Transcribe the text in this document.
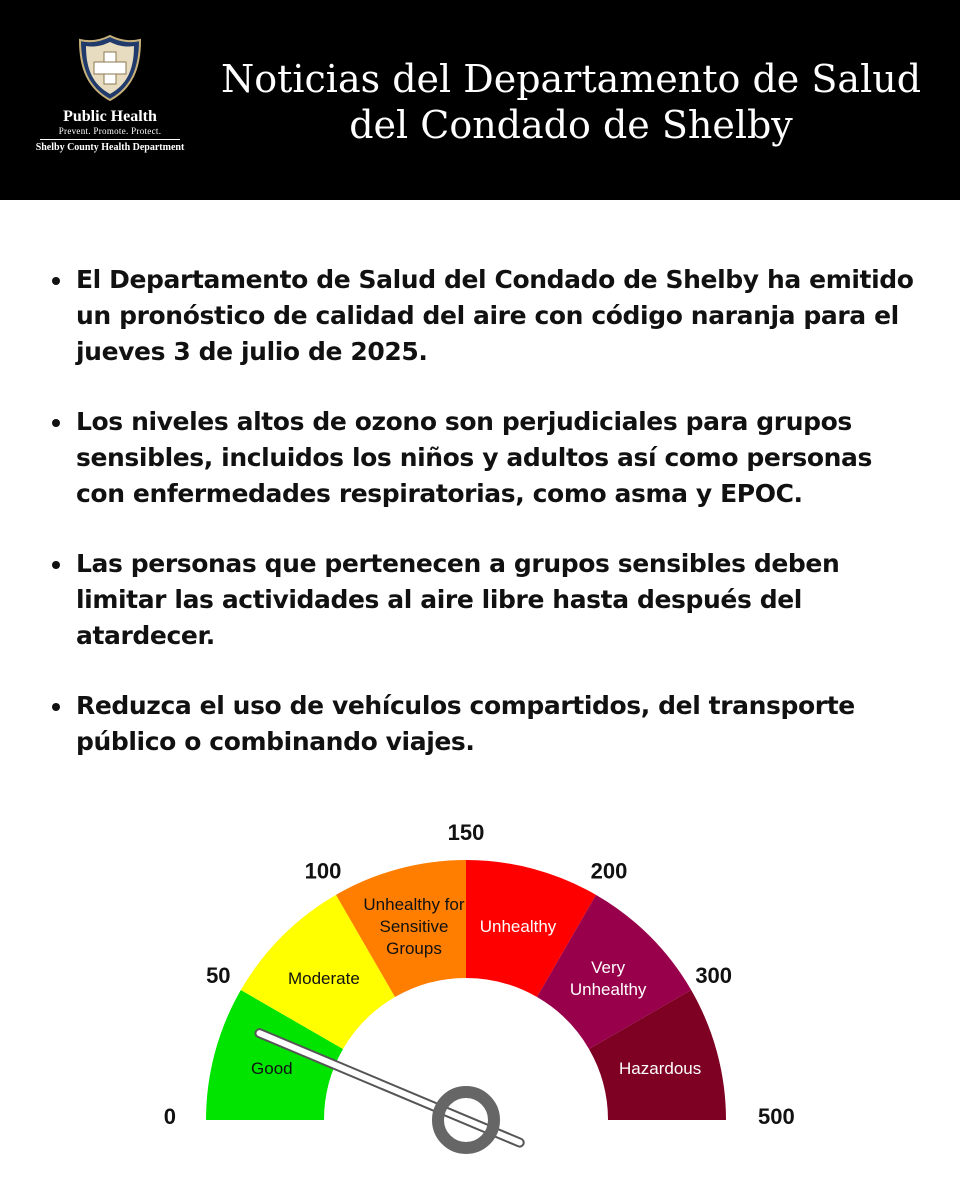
Public Health
Prevent. Promote. Protect.
Shelby County Health Department
Noticias del Departamento de Salud
del Condado de Shelby
El Departamento de Salud del Condado de Shelby ha emitido un pronóstico de calidad del aire con código naranja para el jueves 3 de julio de 2025.
Los niveles altos de ozono son perjudiciales para grupos sensibles, incluidos los niños y adultos así como personas con enfermedades respiratorias, como asma y EPOC.
Las personas que pertenecen a grupos sensibles deben limitar las actividades al aire libre hasta después del atardecer.
Reduzca el uso de vehículos compartidos, del transporte público o combinando viajes.
Good
Moderate
Unhealthy for
Sensitive
Groups
Unhealthy
Very
Unhealthy
Hazardous
0
50
100
150
200
300
500
